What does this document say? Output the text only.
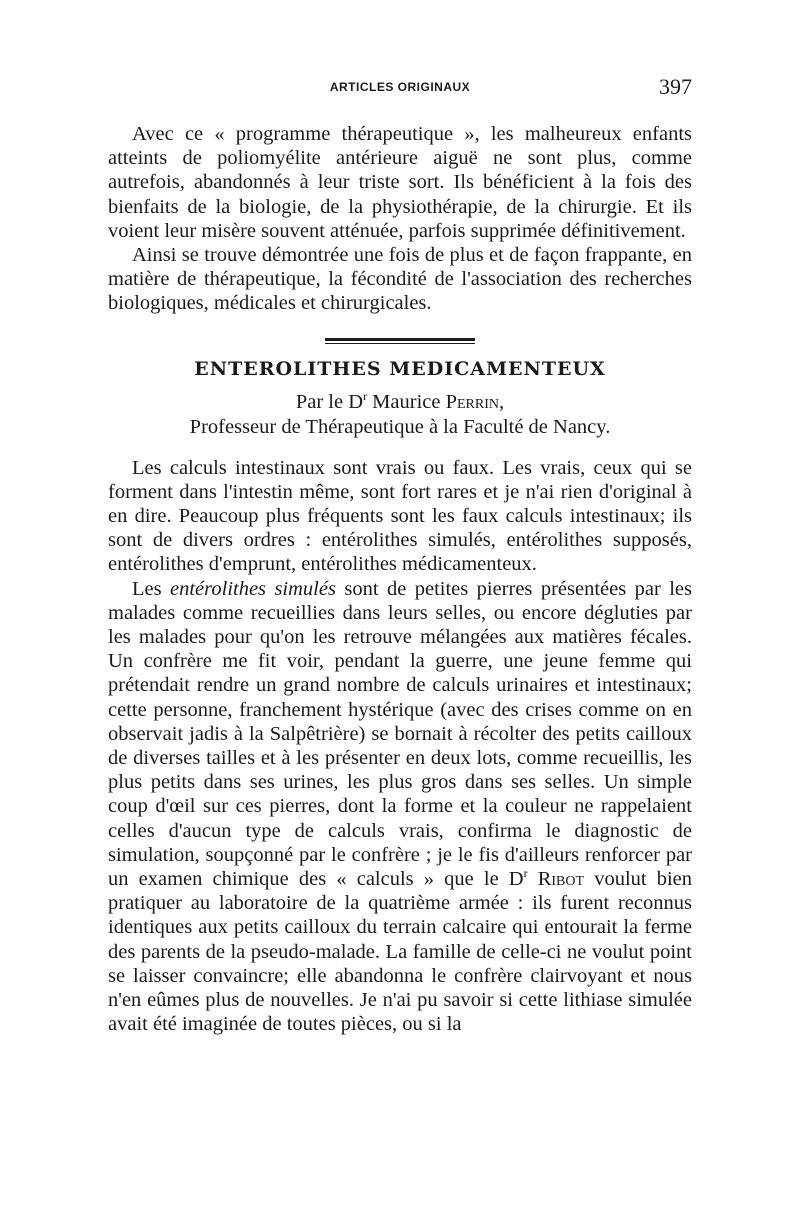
ARTICLES ORIGINAUX	397

Avec ce « programme thérapeutique », les malheureux enfants atteints de poliomyélite antérieure aiguë ne sont plus, comme autrefois, abandonnés à leur triste sort. Ils bénéficient à la fois des bienfaits de la biologie, de la physiothérapie, de la chirurgie. Et ils voient leur misère souvent atténuée, parfois supprimée définitivement.

Ainsi se trouve démontrée une fois de plus et de façon frappante, en matière de thérapeutique, la fécondité de l'association des recherches biologiques, médicales et chirurgicales.

ENTEROLITHES MEDICAMENTEUX

Par le $D^r$ Maurice Perrin,

Professeur de Thérapeutique à la Faculté de Nancy.

Les calculs intestinaux sont vrais ou faux. Les vrais, ceux qui se forment dans l'intestin même, sont fort rares et je n'ai rien d'original à en dire. Peaucoup plus fréquents sont les faux calculs intestinaux; ils sont de divers ordres : entérolithes simulés, entérolithes supposés, entérolithes d'emprunt, entérolithes médicamenteux.

Les entérolithes simulés sont de petites pierres présentées par les malades comme recueillies dans leurs selles, ou encore dégluties par les malades pour qu'on les retrouve mélangées aux matières fécales. Un confrère me fit voir, pendant la guerre, une jeune femme qui prétendait rendre un grand nombre de calculs urinaires et intestinaux; cette personne, franchement hystérique (avec des crises comme on en observait jadis à la Salpêtrière) se bornait à récolter des petits cailloux de diverses tailles et à les présenter en deux lots, comme recueillis, les plus petits dans ses urines, les plus gros dans ses selles. Un simple coup d'œil sur ces pierres, dont la forme et la couleur ne rappelaient celles d'aucun type de calculs vrais, confirma le diagnostic de simulation, soupçonné par le confrère ; je le fis d'ailleurs renforcer par un examen chimique des « calculs » que le $D^r$ Ribot voulut bien pratiquer au laboratoire de la quatrième armée : ils furent reconnus identiques aux petits cailloux du terrain calcaire qui entourait la ferme des parents de la pseudo-malade. La famille de celle-ci ne voulut point se laisser convaincre; elle abandonna le confrère clairvoyant et nous n'en eûmes plus de nouvelles. Je n'ai pu savoir si cette lithiase simulée avait été imaginée de toutes pièces, ou si la
